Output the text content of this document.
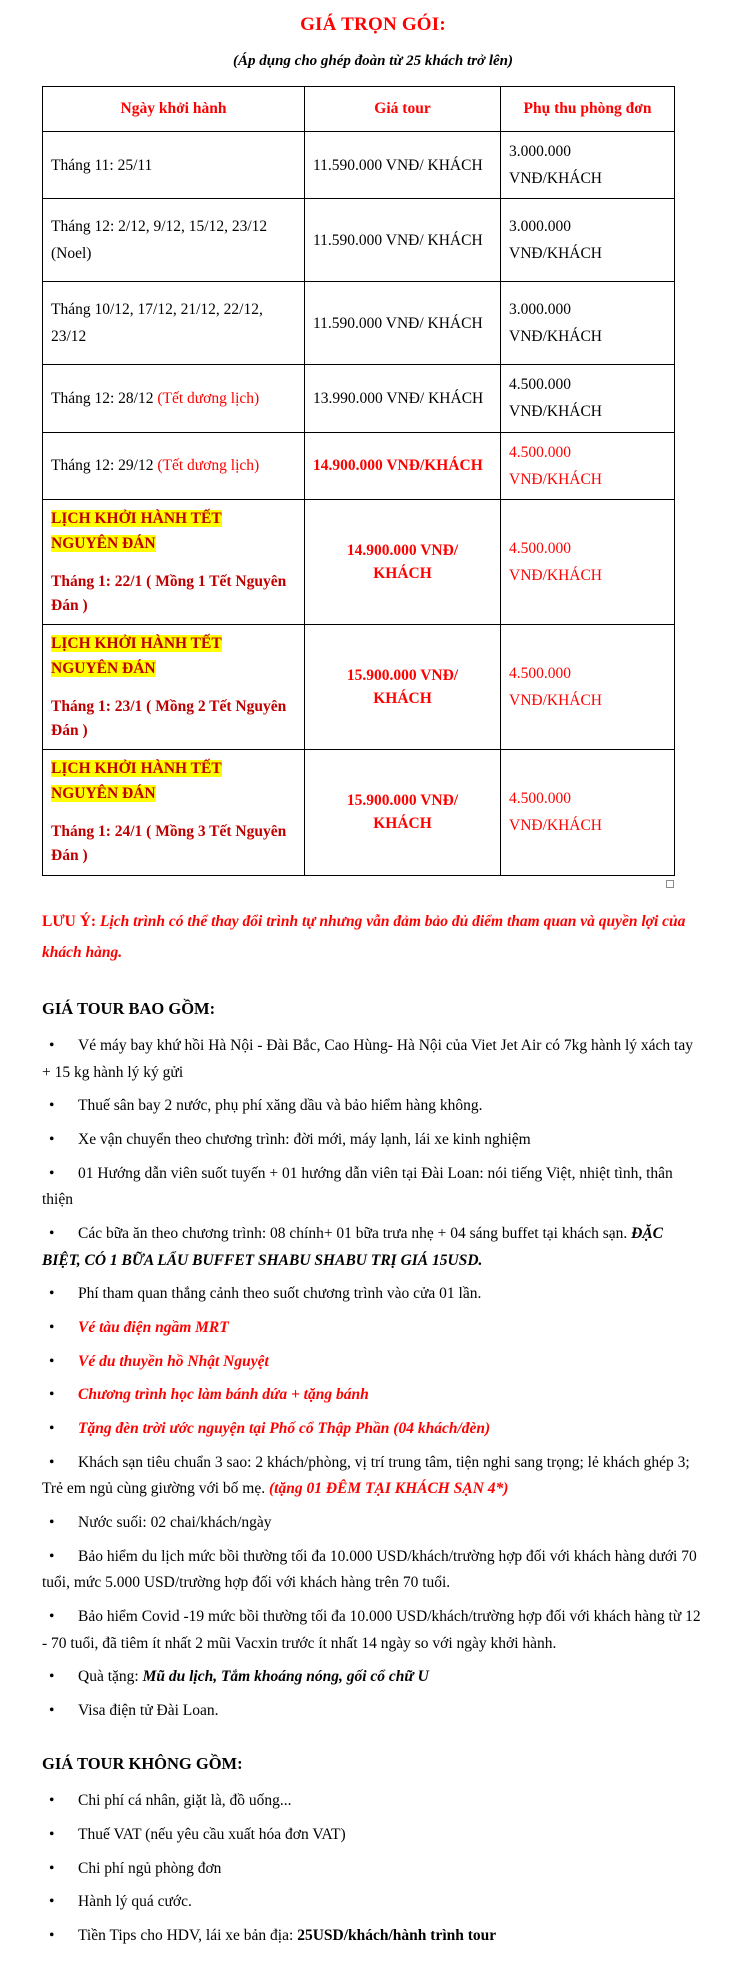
GIÁ TRỌN GÓI:

(Áp dụng cho ghép đoàn từ 25 khách trở lên)

Ngày khởi hành	Giá tour	Phụ thu phòng đơn
Tháng 11: 25/11	11.590.000 VNĐ/ KHÁCH	3.000.000 VNĐ/KHÁCH
Tháng 12: 2/12, 9/12, 15/12, 23/12 (Noel)	11.590.000 VNĐ/ KHÁCH	3.000.000 VNĐ/KHÁCH
Tháng 10/12, 17/12, 21/12, 22/12, 23/12	11.590.000 VNĐ/ KHÁCH	3.000.000 VNĐ/KHÁCH
Tháng 12: 28/12 (Tết dương lịch)	13.990.000 VNĐ/ KHÁCH	4.500.000 VNĐ/KHÁCH
Tháng 12: 29/12 (Tết dương lịch)	14.900.000 VNĐ/KHÁCH	4.500.000 VNĐ/KHÁCH

LỊCH KHỞI HÀNH TẾT NGUYÊN ĐÁN
Tháng 1: 22/1 ( Mồng 1 Tết Nguyên Đán )	14.900.000 VNĐ/ KHÁCH	4.500.000 VNĐ/KHÁCH

LỊCH KHỞI HÀNH TẾT NGUYÊN ĐÁN
Tháng 1: 23/1 ( Mồng 2 Tết Nguyên Đán )	15.900.000 VNĐ/ KHÁCH	4.500.000 VNĐ/KHÁCH

LỊCH KHỞI HÀNH TẾT NGUYÊN ĐÁN
Tháng 1: 24/1 ( Mồng 3 Tết Nguyên Đán )	15.900.000 VNĐ/ KHÁCH	4.500.000 VNĐ/KHÁCH

LƯU Ý: Lịch trình có thể thay đổi trình tự nhưng vẫn đảm bảo đủ điểm tham quan và quyền lợi của khách hàng.

GIÁ TOUR BAO GỒM:

• Vé máy bay khứ hồi Hà Nội - Đài Bắc, Cao Hùng- Hà Nội của Viet Jet Air có 7kg hành lý xách tay + 15 kg hành lý ký gửi

• Thuế sân bay 2 nước, phụ phí xăng dầu và bảo hiểm hàng không.

• Xe vận chuyển theo chương trình: đời mới, máy lạnh, lái xe kinh nghiệm

• 01 Hướng dẫn viên suốt tuyến + 01 hướng dẫn viên tại Đài Loan: nói tiếng Việt, nhiệt tình, thân thiện

• Các bữa ăn theo chương trình: 08 chính+ 01 bữa trưa nhẹ + 04 sáng buffet tại khách sạn. ĐẶC BIỆT, CÓ 1 BỮA LẨU BUFFET SHABU SHABU TRỊ GIÁ 15USD.

• Phí tham quan thắng cảnh theo suốt chương trình vào cửa 01 lần.

• Vé tàu điện ngầm MRT

• Vé du thuyền hồ Nhật Nguyệt

• Chương trình học làm bánh dứa + tặng bánh

• Tặng đèn trời ước nguyện tại Phố cổ Thập Phần (04 khách/đèn)

• Khách sạn tiêu chuẩn 3 sao: 2 khách/phòng, vị trí trung tâm, tiện nghi sang trọng; lẻ khách ghép 3; Trẻ em ngủ cùng giường với bố mẹ. (tặng 01 ĐÊM TẠI KHÁCH SẠN 4*)

• Nước suối: 02 chai/khách/ngày

• Bảo hiểm du lịch mức bồi thường tối đa 10.000 USD/khách/trường hợp đối với khách hàng dưới 70 tuổi, mức 5.000 USD/trường hợp đối với khách hàng trên 70 tuổi.

• Bảo hiểm Covid -19 mức bồi thường tối đa 10.000 USD/khách/trường hợp đối với khách hàng từ 12 - 70 tuổi, đã tiêm ít nhất 2 mũi Vacxin trước ít nhất 14 ngày so với ngày khởi hành.

• Quà tặng: Mũ du lịch, Tắm khoáng nóng, gối cổ chữ U

• Visa điện tử Đài Loan.

GIÁ TOUR KHÔNG GỒM:

• Chi phí cá nhân, giặt là, đồ uống...

• Thuế VAT (nếu yêu cầu xuất hóa đơn VAT)

• Chi phí ngủ phòng đơn

• Hành lý quá cước.

• Tiền Tips cho HDV, lái xe bản địa: 25USD/khách/hành trình tour
